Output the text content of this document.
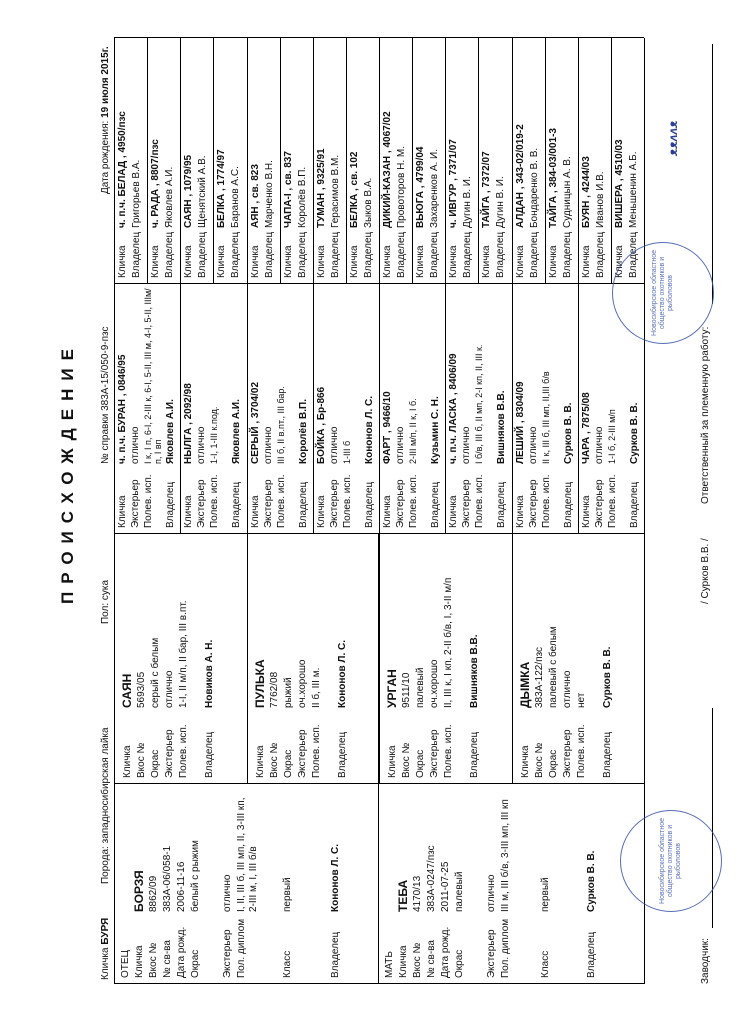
ПРОИСХОЖДЕНИЕ
Кличка БУРЯ
Порода: западносибирская лайка
Пол: сука
№ справки 383А-15/050-9-пзс
Дата рождения: 19 июля 2015г.
ОТЕЦ Кличка
БОРЗЯ
Вкос №
8862/09
№ св-ва
383А-06/058-1
Дата рожд.
2006-11-16
Окрас
белый с рыжим
Экстерьер
отлично
Пол. диплом
I, II, III б, III мп, II, 3-III кп, 2-III м, I, III б/в
Класс
первый
Владелец
Кононов Л. С.
МАТЬ Кличка
ТЕБА
Вкос №
4170/13
№ св-ва
383А-0247/пзс
Дата рожд.
2011-07-25
Окрас
палевый
Экстерьер
отлично
Пол. диплом
III м, III б/в, 3-III мп, III кп
Класс
первый
Владелец
Сурков В. В.
Кличка
САЯН
Вкос №
5693/05
Окрас
серый с белым
Экстерьер
отлично
Полев. исп.
1-I, II м/п, II бар, III в.пт.
Владелец
Новиков А. Н.
Кличка
ПУЛЬКА
Вкос №
7762/08
Окрас
рыжий
Экстерьер
оч.хорошо
Полев. исп.
II б, III м.
Владелец
Кононов Л. С.
Кличка
УРГАН
Вкос №
9511/10
Окрас
палевый
Экстерьер
оч.хорошо
Полев. исп.
II, III к, I кп, 2-II б/в, I, 3-II м/п
Владелец
Вишняков В.В.
Кличка
ДЫМКА
Вкос №
383А-122/пзс
Окрас
палевый с белым
Экстерьер
отлично
Полев. исп.
нет
Владелец
Сурков В. В.
Кличка
ч. п.ч. БУРАН , 0846/95
Экстерьер
отлично
Полев. исп.
I к, I п, 6-I, 2-III к, 6-I, 5-II, III м, 4-I, 5-II, IIIм/п, I вп
Владелец
Яковлев А.И.
Кличка
НЫЛГА , 2092/98
Экстерьер
отлично
Полев. исп.
1-I, 1-III к.под.
Владелец
Яковлев А.И.
Кличка
СЕРЫЙ , 3704/02
Экстерьер
отлично
Полев. исп.
III б, II в.пт., III бар.
Владелец
Королёв В.П.
Кличка
БОЙКА , Бр-866
Экстерьер
отлично
Полев. исп.
1-III б
Владелец
Кононов Л. С.
Кличка
ФАРТ , 9466/10
Экстерьер
отлично
Полев. исп.
2-III м/п, II к, I б.
Владелец
Кузьмин С. Н.
Кличка
ч. п.ч. ЛАСКА , 8406/09
Экстерьер
отлично
Полев. исп.
I б/в, III б, II мп, 2-I кп, II, III к.
Владелец
Вишняков В.В.
Кличка
ЛЕШИЙ , 8304/09
Экстерьер
отлично
Полев. исп.
II к, III б, III мп, II,III б/в
Владелец
Сурков В. В.
Кличка
ЧАРА , 7875/08
Экстерьер
отлично
Полев. исп.
1-I б, 2-III м/п
Владелец
Сурков В. В.
Кличка
ч. п.ч. БЕЛАД , 4950/пзс
Владелец
Григорьев В.А.
Кличка
ч. РАДА , 8807/пзс
Владелец
Яковлев А.И.
Кличка
САЯН , 1079/95
Владелец
Щенятский А.В.
Кличка
БЕЛКА , 1774/97
Владелец
Баранов А.С.
Кличка
АЯН , св. 823
Владелец
Марченко В.Н.
Кличка
ЧАПА-I , св. 837
Владелец
Королёв В.П.
Кличка
ТУМАН , 9325/91
Владелец
Герасимов В.М.
Кличка
БЕЛКА , св. 102
Владелец
Зыков В.А.
Кличка
ДИКИЙ-КАЗАН , 4067/02
Владелец
Провоторов Н. М.
Кличка
ВЬЮГА , 4799/04
Владелец
Захаренков А. И.
Кличка
ч. ИВГУР , 7371/07
Владелец
Дугин В. И.
Кличка
ТАЙГА , 7372/07
Владелец
Дугин В. И.
Кличка
АЛДАН , 343-02/019-2
Владелец
Бондаренко В. В.
Кличка
ТАЙГА , 384-03/001-3
Владелец
Судницын А. В.
Кличка
БУЯН , 4244/03
Владелец
Иванов И.В.
Кличка
ВИШЕРА , 4510/03
Владелец
Меньшенин А.Б.
Заводчик:
/ Сурков В.В. /
Ответственный за племенную работу:
Новосибирское областное общество охотников и рыболовов
Новосибирское областное общество охотников и рыболовов
ᴥᴥᴧᴧᴥ
